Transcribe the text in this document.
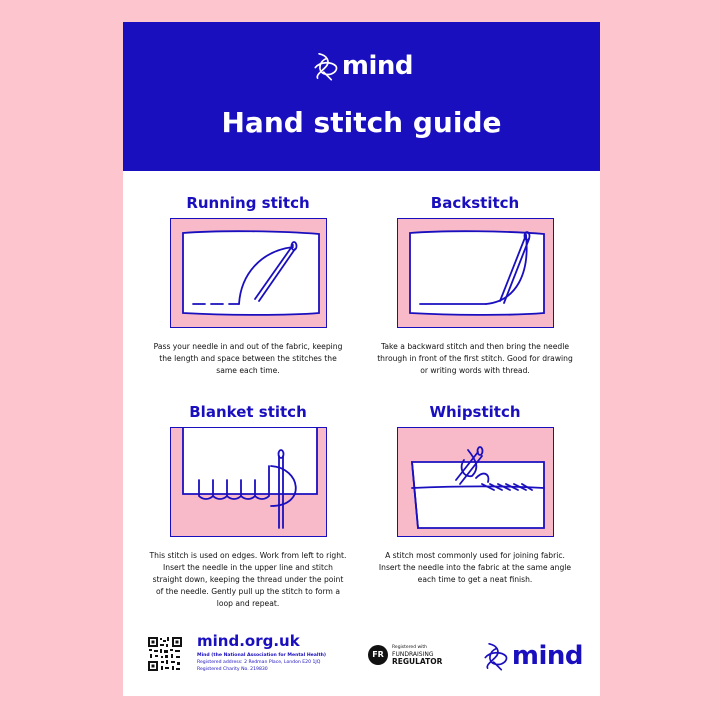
mind
Hand stitch guide
Running stitch
Pass your needle in and out of the fabric, keeping the length and space between the stitches the same each time.
Backstitch
Take a backward stitch and then bring the needle through in front of the first stitch. Good for drawing or writing words with thread.
Blanket stitch
This stitch is used on edges. Work from left to right. Insert the needle in the upper line and stitch straight down, keeping the thread under the point of the needle. Gently pull up the stitch to form a loop and repeat.
Whipstitch
A stitch most commonly used for joining fabric. Insert the needle into the fabric at the same angle each time to get a neat finish.
mind.org.uk
Mind (the National Association for Mental Health)
Registered address: 2 Redman Place, London E20 1JQ
Registered Charity No. 219830
FR
Registered with
FUNDRAISING
REGULATOR	mind
